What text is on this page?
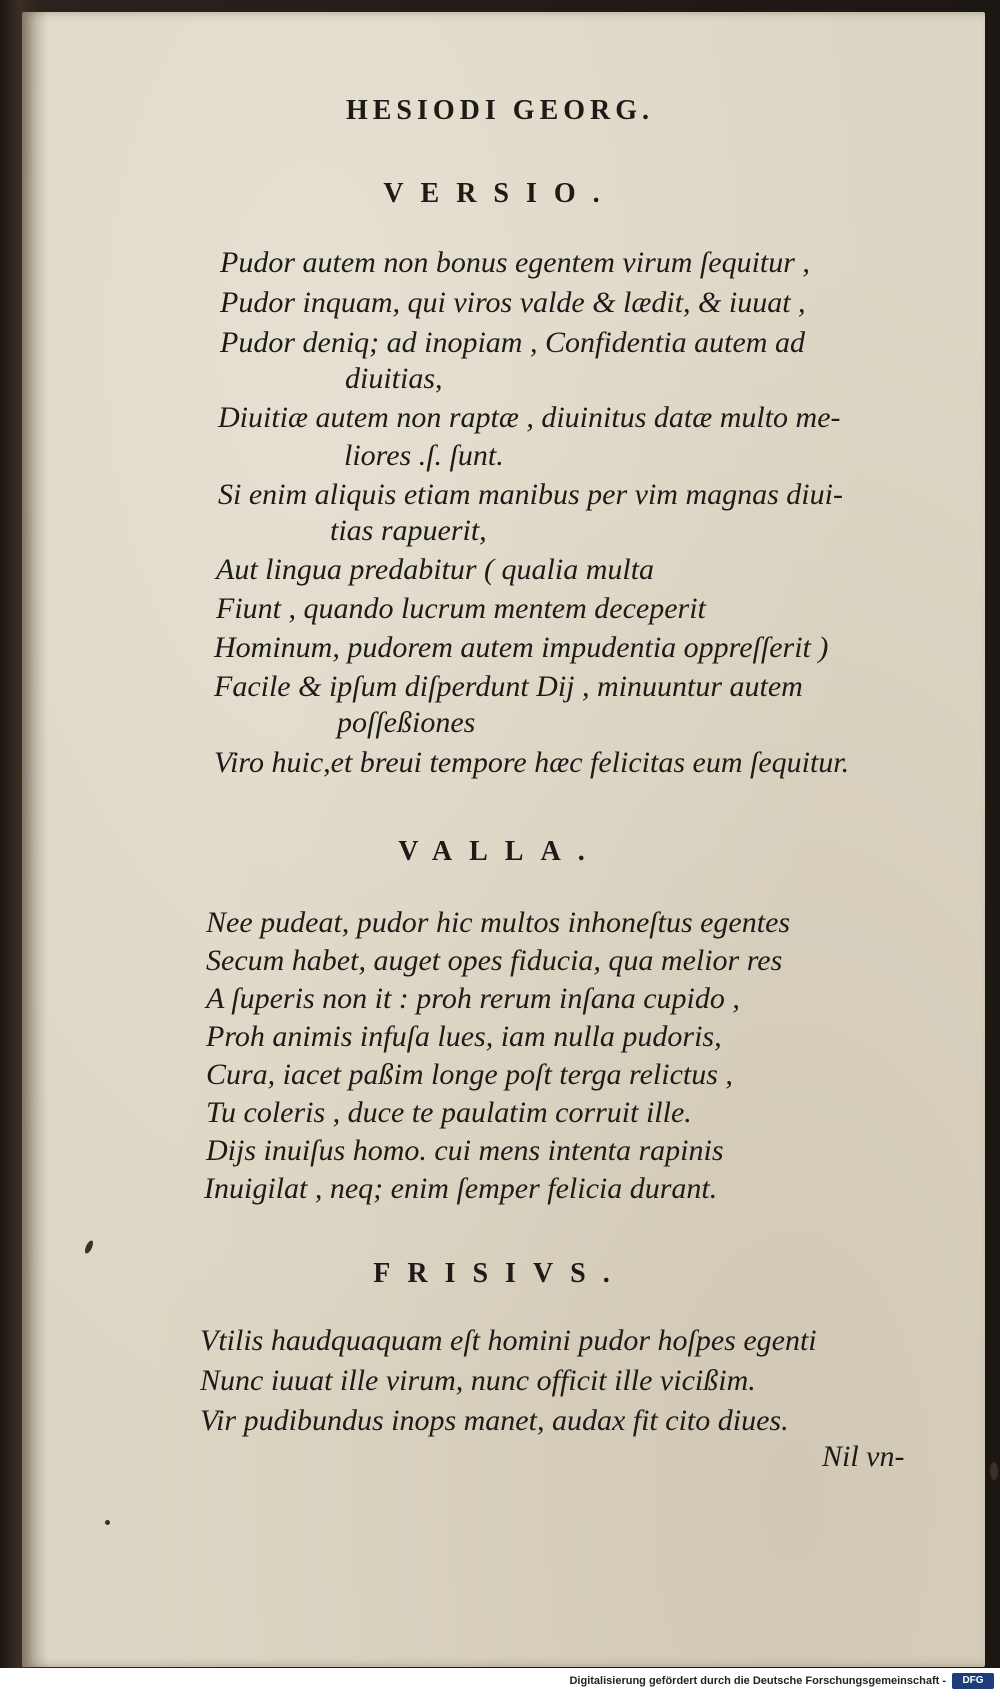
HESIODI GEORG.
VERSIO.
Pudor autem non bonus egentem virum ſequitur ,
Pudor inquam, qui viros valde & lædit, & iuuat ,
Pudor deniq; ad inopiam , Confidentia autem ad
diuitias,
Diuitiæ autem non raptæ , diuinitus datæ multo me-
liores .ſ. ſunt.
Si enim aliquis etiam manibus per vim magnas diui-
tias rapuerit,
Aut lingua predabitur ( qualia multa
Fiunt , quando lucrum mentem deceperit
Hominum, pudorem autem impudentia oppreſſerit )
Facile & ipſum diſperdunt Dij , minuuntur autem
poſſeßiones
Viro huic,et breui tempore hæc felicitas eum ſequitur.
VALLA.
Nee pudeat, pudor hic multos inhoneſtus egentes
Secum habet, auget opes fiducia, qua melior res
A ſuperis non it : proh rerum inſana cupido ,
Proh animis infuſa lues, iam nulla pudoris,
Cura, iacet paßim longe poſt terga relictus ,
Tu coleris , duce te paulatim corruit ille.
Dijs inuiſus homo. cui mens intenta rapinis
Inuigilat , neq; enim ſemper felicia durant.
FRISIVS.
Vtilis haudquaquam eſt homini pudor hoſpes egenti
Nunc iuuat ille virum, nunc officit ille vicißim.
Vir pudibundus inops manet, audax fit cito diues.
Nil vn-
Digitalisierung gefördert durch die Deutsche Forschungsgemeinschaft -	DFG
